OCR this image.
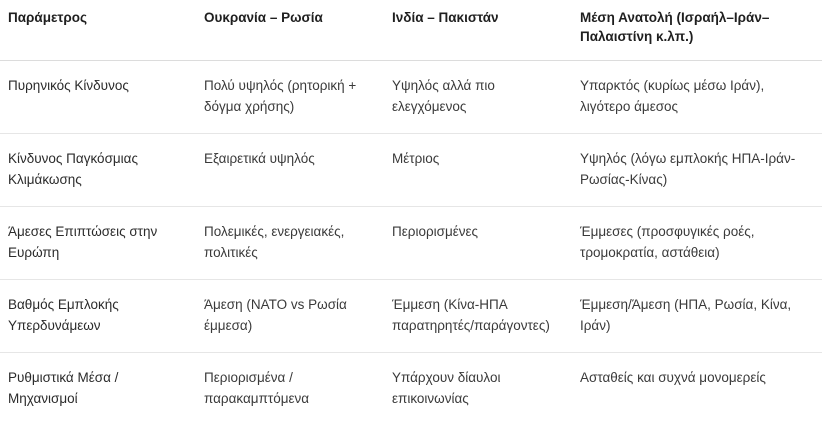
Παράμετρος	Ουκρανία – Ρωσία	Ινδία – Πακιστάν	Μέση Ανατολή (Ισραήλ–Ιράν–Παλαιστίνη κ.λπ.)
Πυρηνικός Κίνδυνος	Πολύ υψηλός (ρητορική + δόγμα χρήσης)	Υψηλός αλλά πιο ελεγχόμενος	Υπαρκτός (κυρίως μέσω Ιράν), λιγότερο άμεσος
Κίνδυνος Παγκόσμιας Κλιμάκωσης	Εξαιρετικά υψηλός	Μέτριος	Υψηλός (λόγω εμπλοκής ΗΠΑ-Ιράν-Ρωσίας-Κίνας)
Άμεσες Επιπτώσεις στην Ευρώπη	Πολεμικές, ενεργειακές, πολιτικές	Περιορισμένες	Έμμεσες (προσφυγικές ροές, τρομοκρατία, αστάθεια)
Βαθμός Εμπλοκής Υπερδυνάμεων	Άμεση (NATO vs Ρωσία έμμεσα)	Έμμεση (Κίνα-ΗΠΑ παρατηρητές/παράγοντες)	Έμμεση/Άμεση (ΗΠΑ, Ρωσία, Κίνα, Ιράν)
Ρυθμιστικά Μέσα / Μηχανισμοί	Περιορισμένα / παρακαμπτόμενα	Υπάρχουν δίαυλοι επικοινωνίας	Ασταθείς και συχνά μονομερείς
